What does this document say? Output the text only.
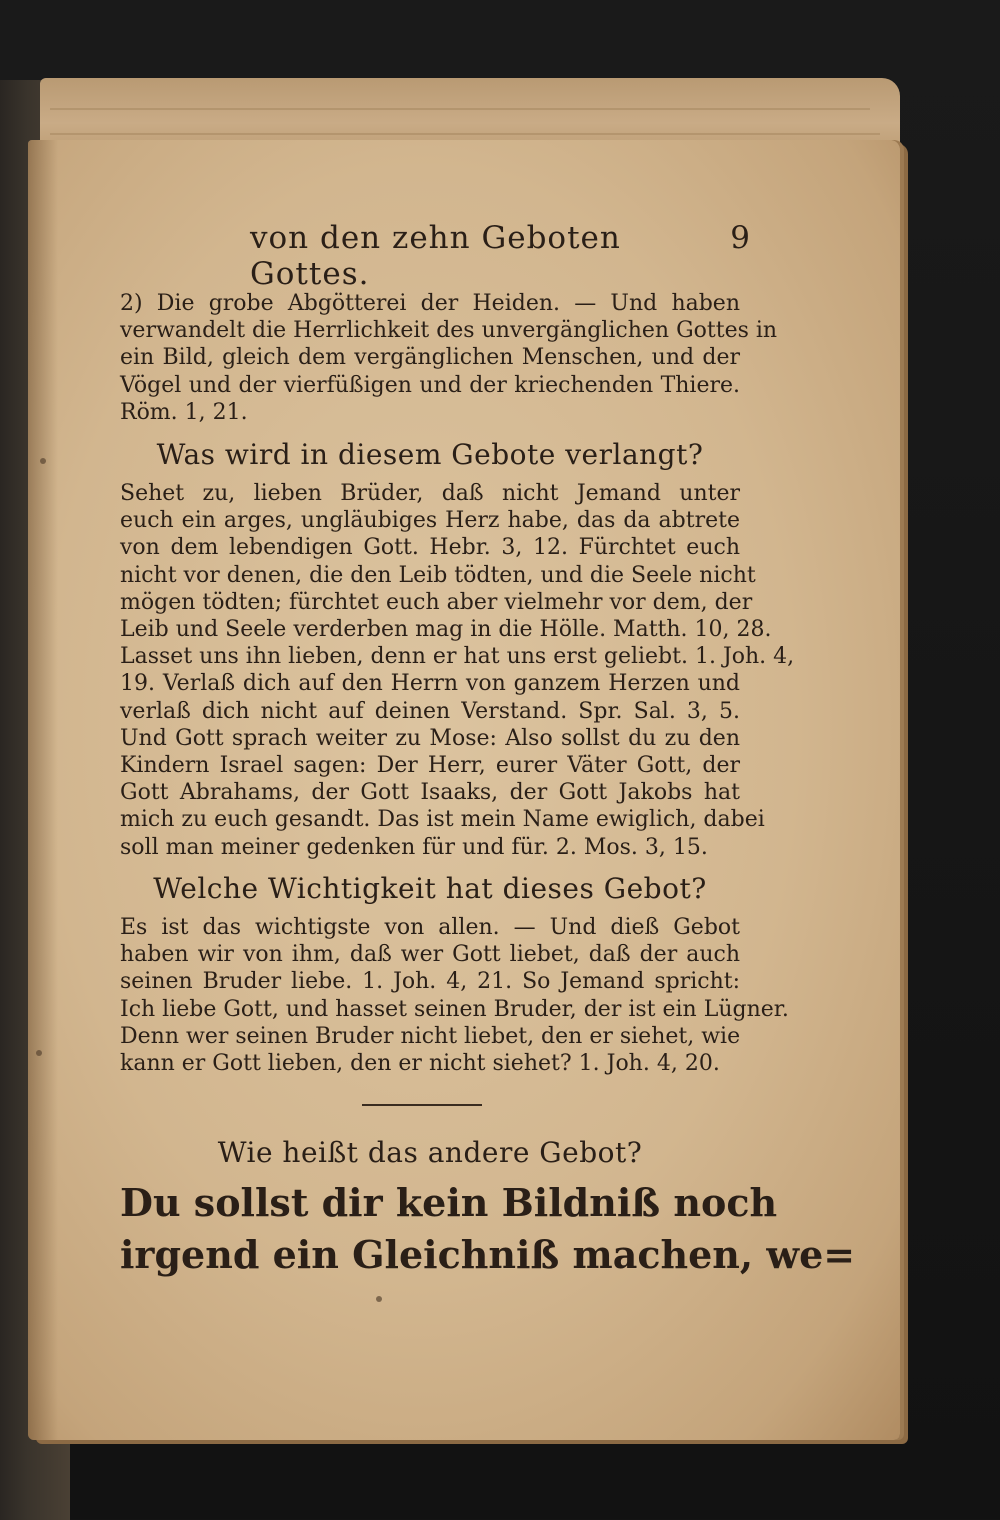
von den zehn Geboten Gottes.
9
2) Die grobe Abgötterei der Heiden. — Und haben
verwandelt die Herrlichkeit des unvergänglichen Gottes in
ein Bild, gleich dem vergänglichen Menschen, und der
Vögel und der vierfüßigen und der kriechenden Thiere.
Röm. 1, 21.
Was wird in diesem Gebote verlangt?
Sehet zu, lieben Brüder, daß nicht Jemand unter
euch ein arges, ungläubiges Herz habe, das da abtrete
von dem lebendigen Gott. Hebr. 3, 12. Fürchtet euch
nicht vor denen, die den Leib tödten, und die Seele nicht
mögen tödten; fürchtet euch aber vielmehr vor dem, der
Leib und Seele verderben mag in die Hölle. Matth. 10, 28.
Lasset uns ihn lieben, denn er hat uns erst geliebt. 1. Joh. 4,
19. Verlaß dich auf den Herrn von ganzem Herzen und
verlaß dich nicht auf deinen Verstand. Spr. Sal. 3, 5.
Und Gott sprach weiter zu Mose: Also sollst du zu den
Kindern Israel sagen: Der Herr, eurer Väter Gott, der
Gott Abrahams, der Gott Isaaks, der Gott Jakobs hat
mich zu euch gesandt. Das ist mein Name ewiglich, dabei
soll man meiner gedenken für und für. 2. Mos. 3, 15.
Welche Wichtigkeit hat dieses Gebot?
Es ist das wichtigste von allen. — Und dieß Gebot
haben wir von ihm, daß wer Gott liebet, daß der auch
seinen Bruder liebe. 1. Joh. 4, 21. So Jemand spricht:
Ich liebe Gott, und hasset seinen Bruder, der ist ein Lügner.
Denn wer seinen Bruder nicht liebet, den er siehet, wie
kann er Gott lieben, den er nicht siehet? 1. Joh. 4, 20.
Wie heißt das andere Gebot?
Du sollst dir kein Bildniß noch
irgend ein Gleichniß machen, we=
